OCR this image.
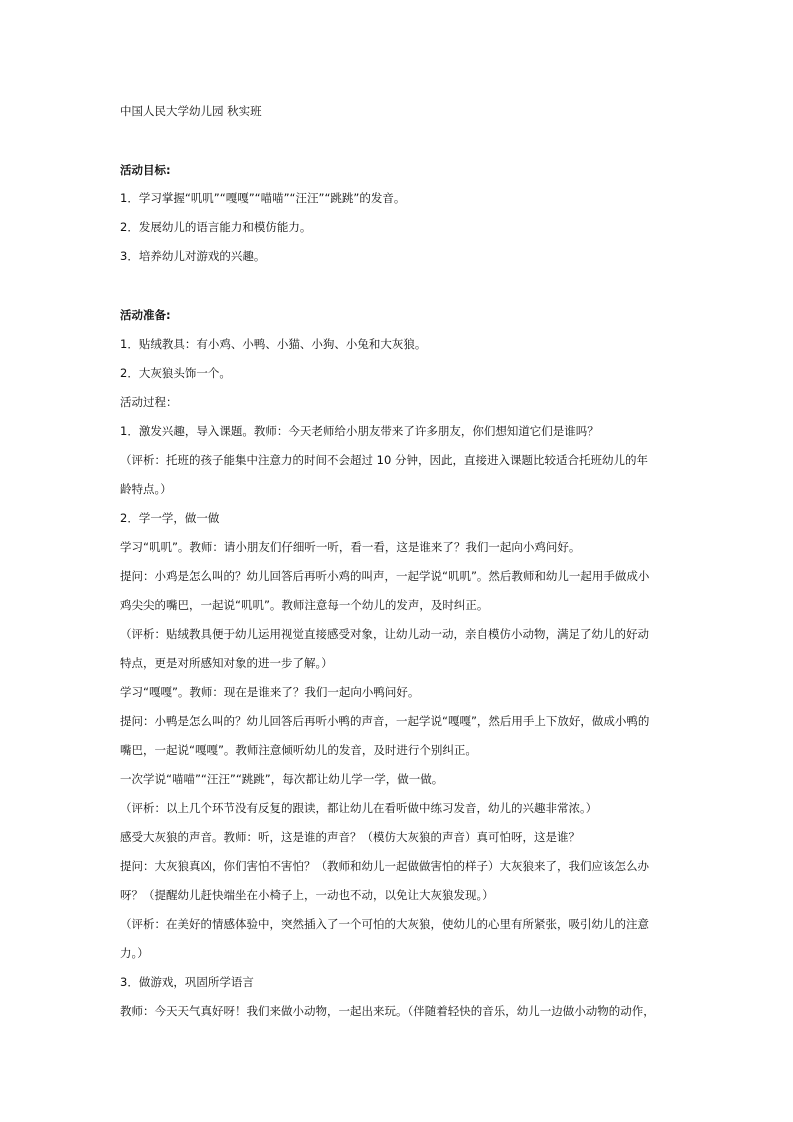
中国人民大学幼儿园 秋实班
活动目标:
1．学习掌握“叽叽”“嘎嘎”“喵喵”“汪汪”“跳跳”的发音。
2．发展幼儿的语言能力和模仿能力。
3．培养幼儿对游戏的兴趣。
活动准备:
1．贴绒教具：有小鸡、小鸭、小猫、小狗、小兔和大灰狼。
2．大灰狼头饰一个。
活动过程：
1．激发兴趣，导入课题。教师：今天老师给小朋友带来了许多朋友，你们想知道它们是谁吗？
（评析：托班的孩子能集中注意力的时间不会超过 10 分钟，因此，直接进入课题比较适合托班幼儿的年
龄特点。）
2．学一学，做一做
学习“叽叽”。教师：请小朋友们仔细听一听，看一看，这是谁来了？我们一起向小鸡问好。
提问：小鸡是怎么叫的？幼儿回答后再听小鸡的叫声，一起学说“叽叽”。然后教师和幼儿一起用手做成小
鸡尖尖的嘴巴，一起说“叽叽”。教师注意每一个幼儿的发声，及时纠正。
（评析：贴绒教具便于幼儿运用视觉直接感受对象，让幼儿动一动，亲自模仿小动物，满足了幼儿的好动
特点，更是对所感知对象的进一步了解。）
学习“嘎嘎”。教师：现在是谁来了？我们一起向小鸭问好。
提问：小鸭是怎么叫的？幼儿回答后再听小鸭的声音，一起学说“嘎嘎”，然后用手上下放好，做成小鸭的
嘴巴，一起说“嘎嘎”。教师注意倾听幼儿的发音，及时进行个别纠正。
一次学说“喵喵”“汪汪”“跳跳”，每次都让幼儿学一学，做一做。
（评析：以上几个环节没有反复的跟读，都让幼儿在看听做中练习发音，幼儿的兴趣非常浓。）
感受大灰狼的声音。教师：听，这是谁的声音？（模仿大灰狼的声音）真可怕呀，这是谁？
提问：大灰狼真凶，你们害怕不害怕？（教师和幼儿一起做做害怕的样子）大灰狼来了，我们应该怎么办
呀？（提醒幼儿赶快端坐在小椅子上，一动也不动，以免让大灰狼发现。）
（评析：在美好的情感体验中，突然插入了一个可怕的大灰狼，使幼儿的心里有所紧张，吸引幼儿的注意
力。）
3．做游戏，巩固所学语言
教师：今天天气真好呀！我们来做小动物，一起出来玩。（伴随着轻快的音乐，幼儿一边做小动物的动作，
